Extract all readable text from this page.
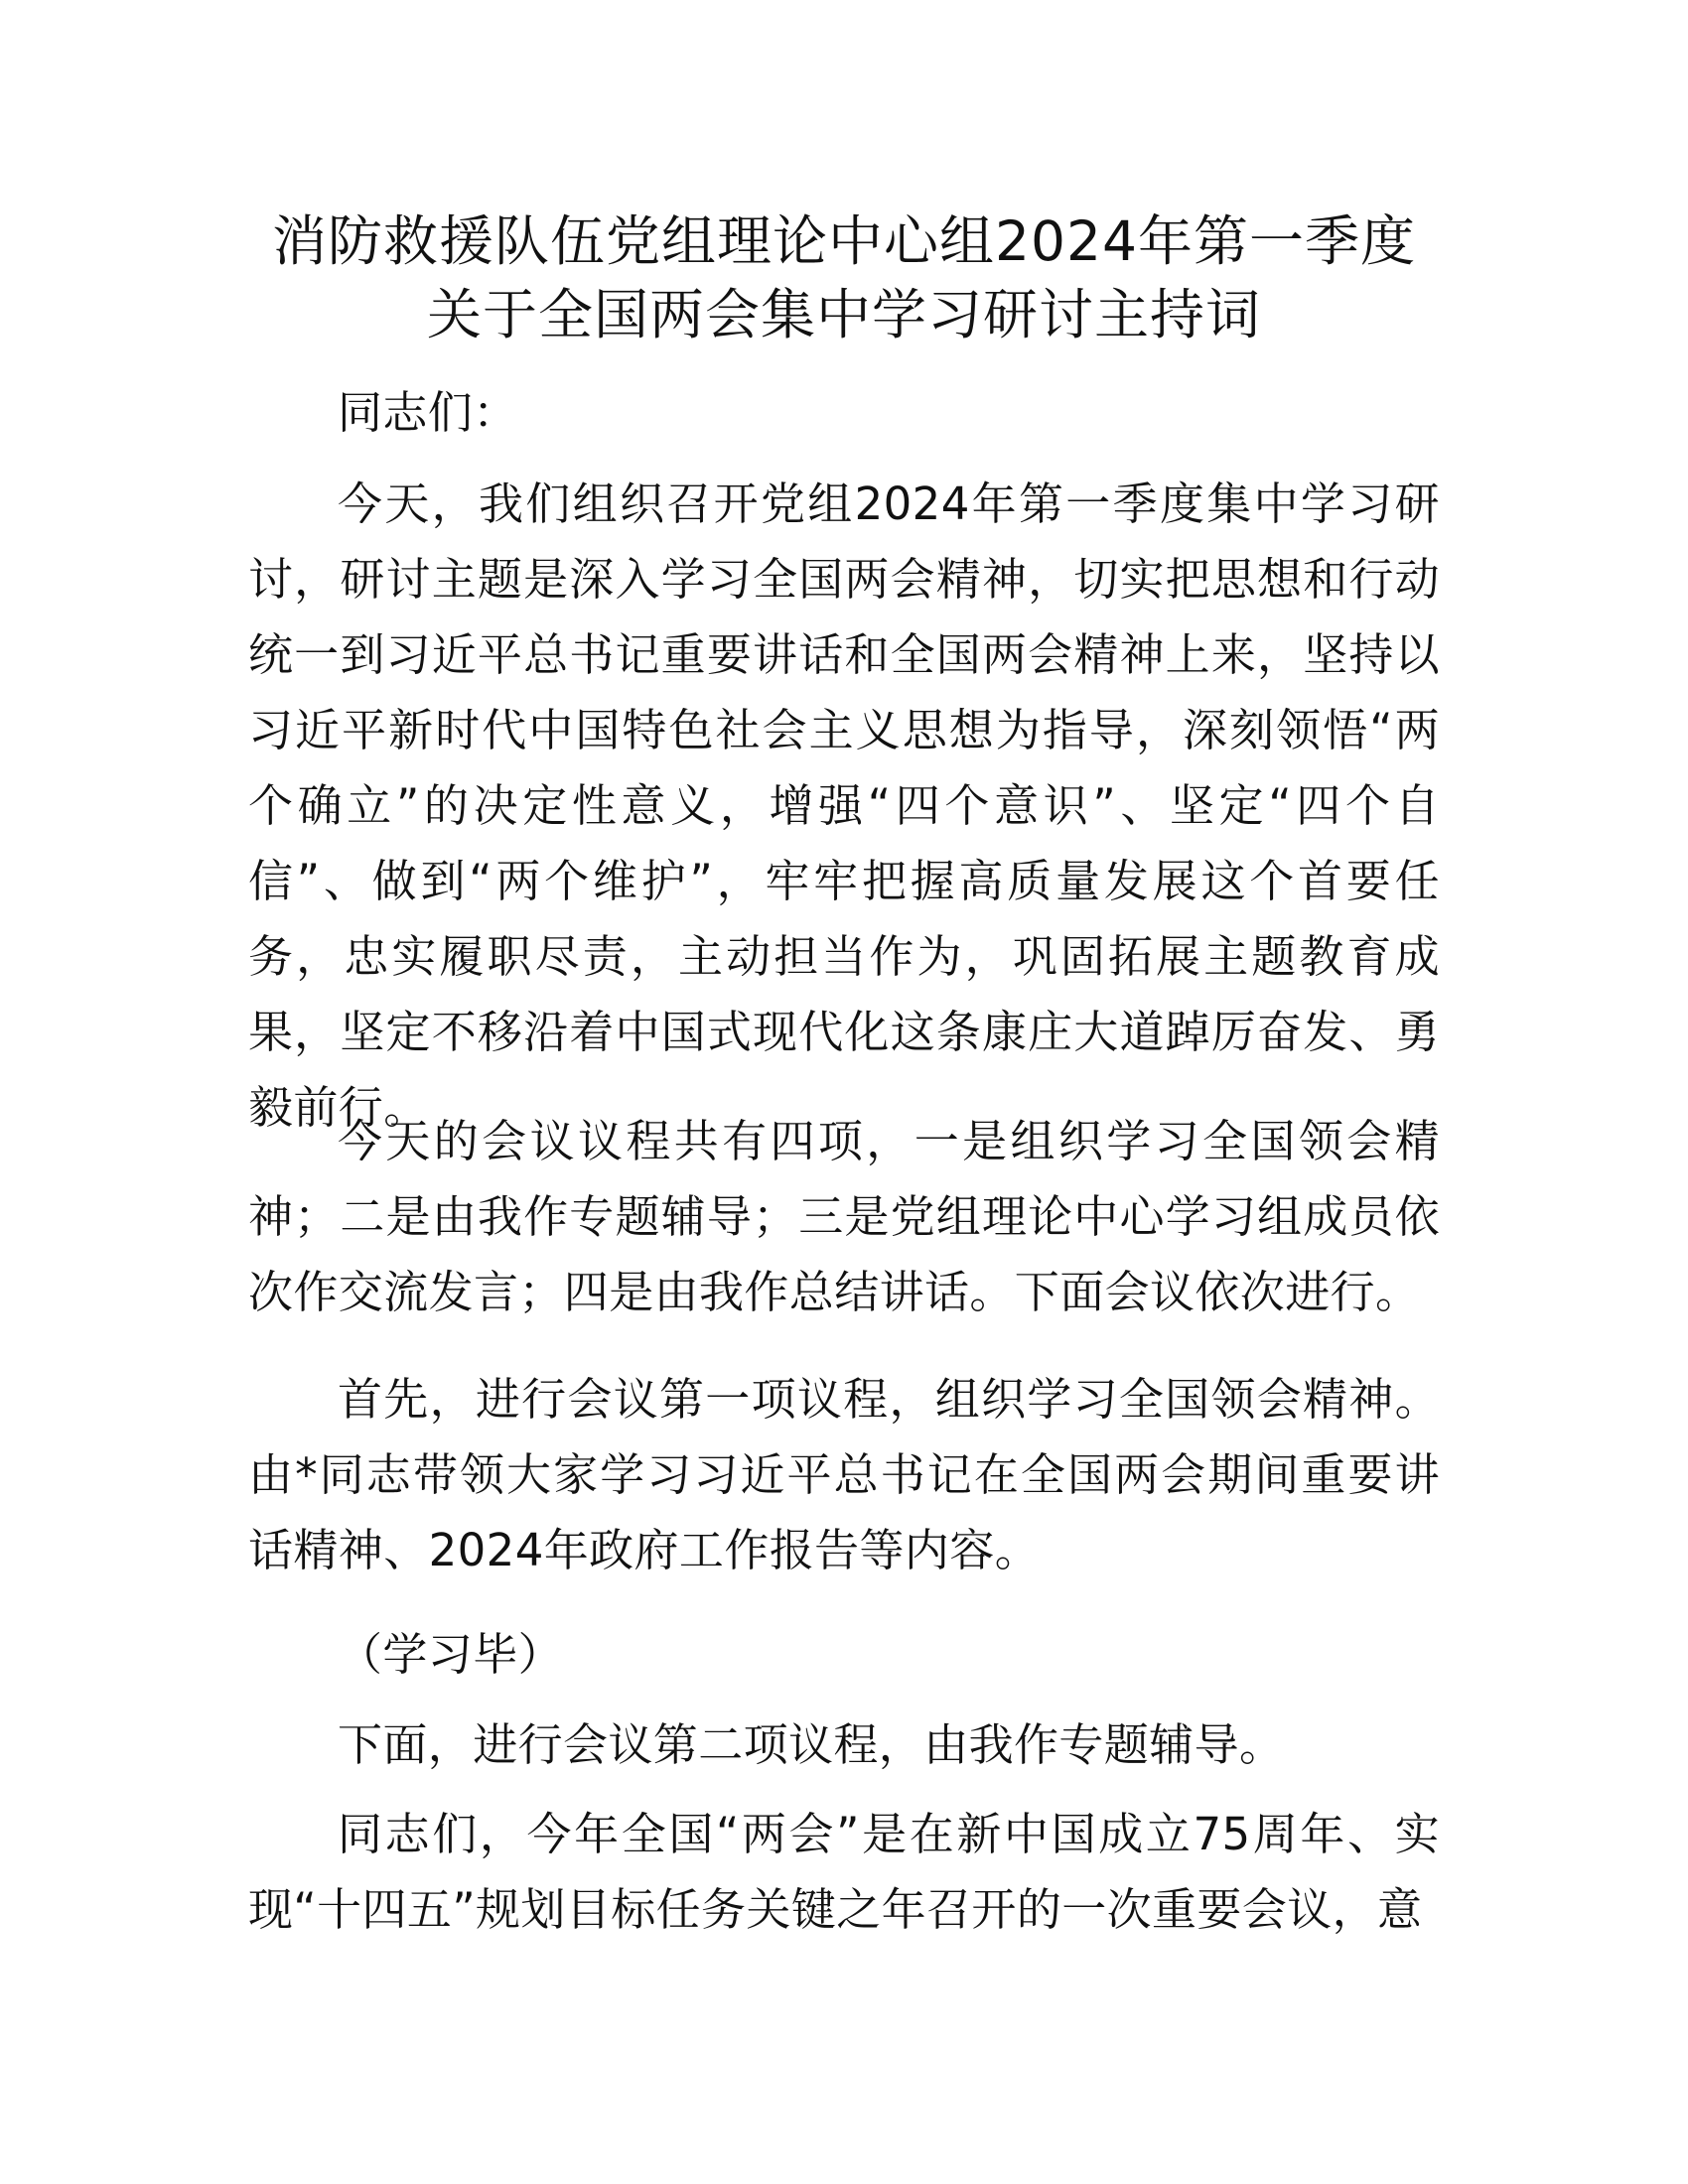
消防救援队伍党组理论中心组2024年第一季度
关于全国两会集中学习研讨主持词

同志们：

今天，我们组织召开党组2024年第一季度集中学习研讨，研讨主题是深入学习全国两会精神，切实把思想和行动统一到习近平总书记重要讲话和全国两会精神上来，坚持以习近平新时代中国特色社会主义思想为指导，深刻领悟“两个确立”的决定性意义，增强“四个意识”、坚定“四个自信”、做到“两个维护”，牢牢把握高质量发展这个首要任务，忠实履职尽责，主动担当作为，巩固拓展主题教育成果，坚定不移沿着中国式现代化这条康庄大道踔厉奋发、勇毅前行。

今天的会议议程共有四项，一是组织学习全国领会精神；二是由我作专题辅导；三是党组理论中心学习组成员依次作交流发言；四是由我作总结讲话。下面会议依次进行。

首先，进行会议第一项议程，组织学习全国领会精神。由*同志带领大家学习习近平总书记在全国两会期间重要讲话精神、2024年政府工作报告等内容。

（学习毕）

下面，进行会议第二项议程，由我作专题辅导。

同志们，今年全国“两会”是在新中国成立75周年、实现“十四五”规划目标任务关键之年召开的一次重要会议，意
